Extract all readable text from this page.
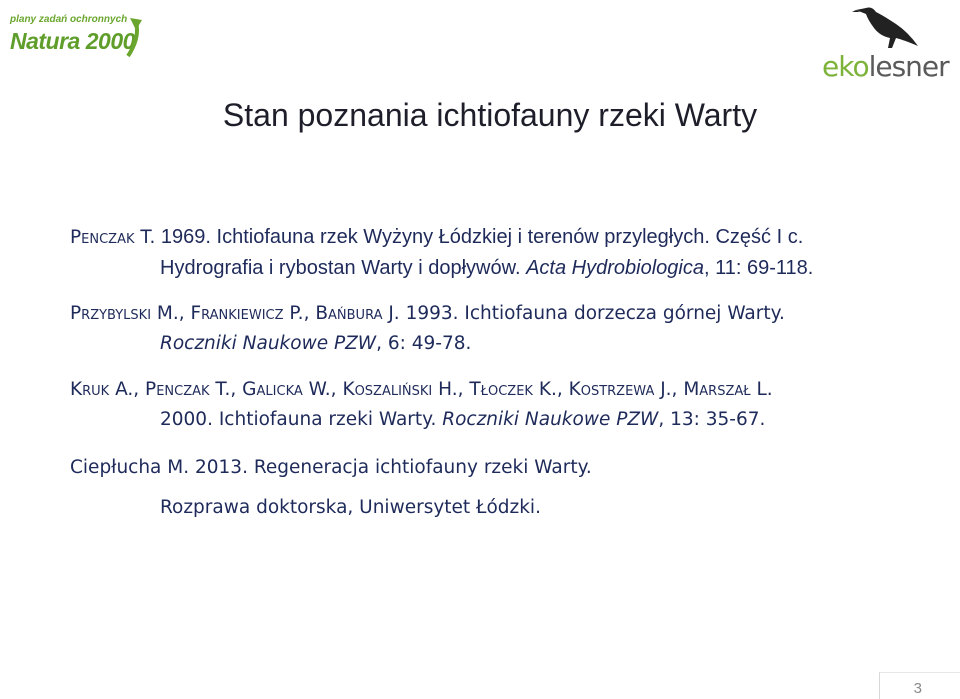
plany zadań ochronnych
Natura 2000
ekolesner
Stan poznania ichtiofauny rzeki Warty
Penczak T. 1969. Ichtiofauna rzek Wyżyny Łódzkiej i terenów przyległych. Część I c.
Hydrografia i rybostan Warty i dopływów. Acta Hydrobiologica, 11: 69-118.
Przybylski M., Frankiewicz P., Bańbura J. 1993. Ichtiofauna dorzecza górnej Warty.
Roczniki Naukowe PZW, 6: 49-78.
Kruk A., Penczak T., Galicka W., Koszaliński H., Tłoczek K., Kostrzewa J., Marszał L.
2000. Ichtiofauna rzeki Warty. Roczniki Naukowe PZW, 13: 35-67.
Ciepłucha M. 2013. Regeneracja ichtiofauny rzeki Warty.
Rozprawa doktorska, Uniwersytet Łódzki.
3
